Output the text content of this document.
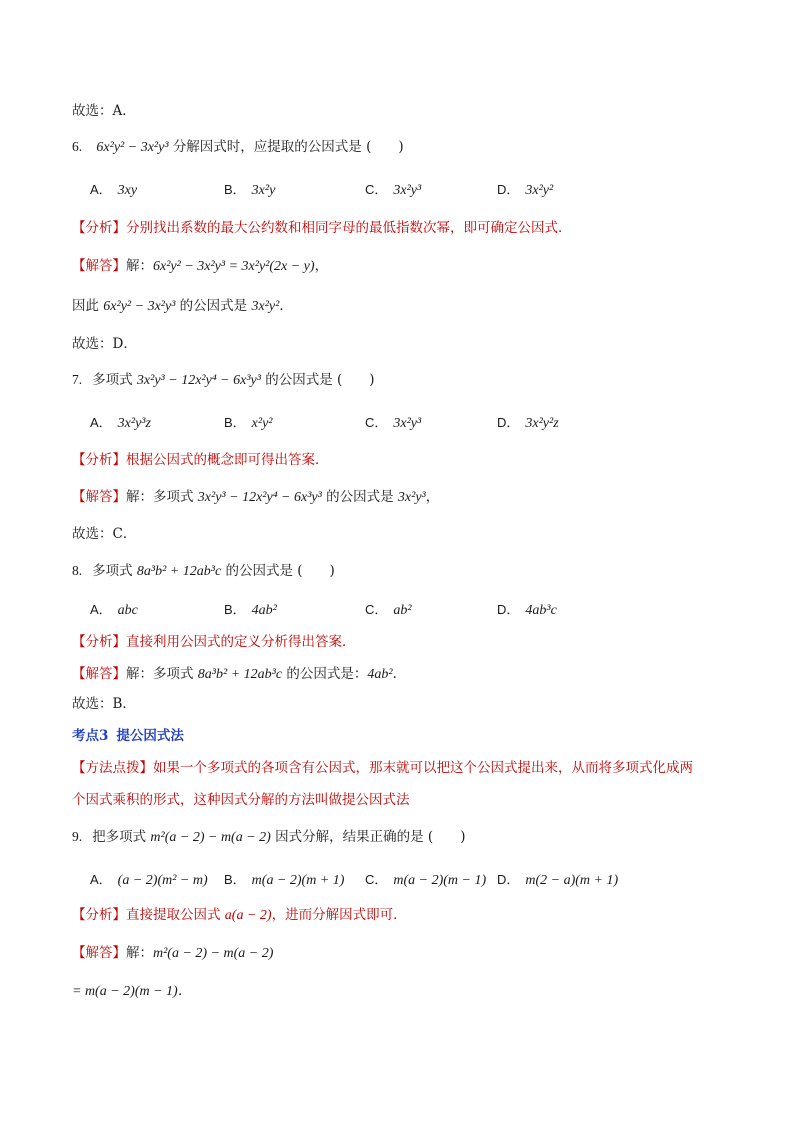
故选：A．
6. 6x²y² − 3x²y³ 分解因式时，应提取的公因式是 (　　)
A． 3xy	B． 3x²y	C． 3x²y³	D． 3x²y²
【分析】分别找出系数的最大公约数和相同字母的最低指数次幂，即可确定公因式．
【解答】解：6x²y² − 3x²y³ = 3x²y²(2x − y)，
因此 6x²y² − 3x²y³ 的公因式是 3x²y²．
故选：D．
7. 多项式 3x²y³ − 12x²y⁴ − 6x³y³ 的公因式是 (　　)
A． 3x²y³z	B． x²y²	C． 3x²y³	D． 3x²y²z
【分析】根据公因式的概念即可得出答案．
【解答】解：多项式 3x²y³ − 12x²y⁴ − 6x³y³ 的公因式是 3x²y³，
故选：C．
8. 多项式 8a³b² + 12ab³c 的公因式是 (　　)
A． abc	B． 4ab²	C． ab²	D． 4ab³c
【分析】直接利用公因式的定义分析得出答案．
【解答】解：多项式 8a³b² + 12ab³c 的公因式是：4ab²．
故选：B．
考点3 提公因式法
【方法点拨】如果一个多项式的各项含有公因式，那末就可以把这个公因式提出来，从而将多项式化成两
个因式乘积的形式，这种因式分解的方法叫做提公因式法
9. 把多项式 m²(a − 2) − m(a − 2) 因式分解，结果正确的是 (　　)
A． (a − 2)(m² − m) B． m(a − 2)(m + 1) C． m(a − 2)(m − 1) D． m(2 − a)(m + 1)
【分析】直接提取公因式 a(a − 2)，进而分解因式即可．
【解答】解：m²(a − 2) − m(a − 2)
= m(a − 2)(m − 1)．
